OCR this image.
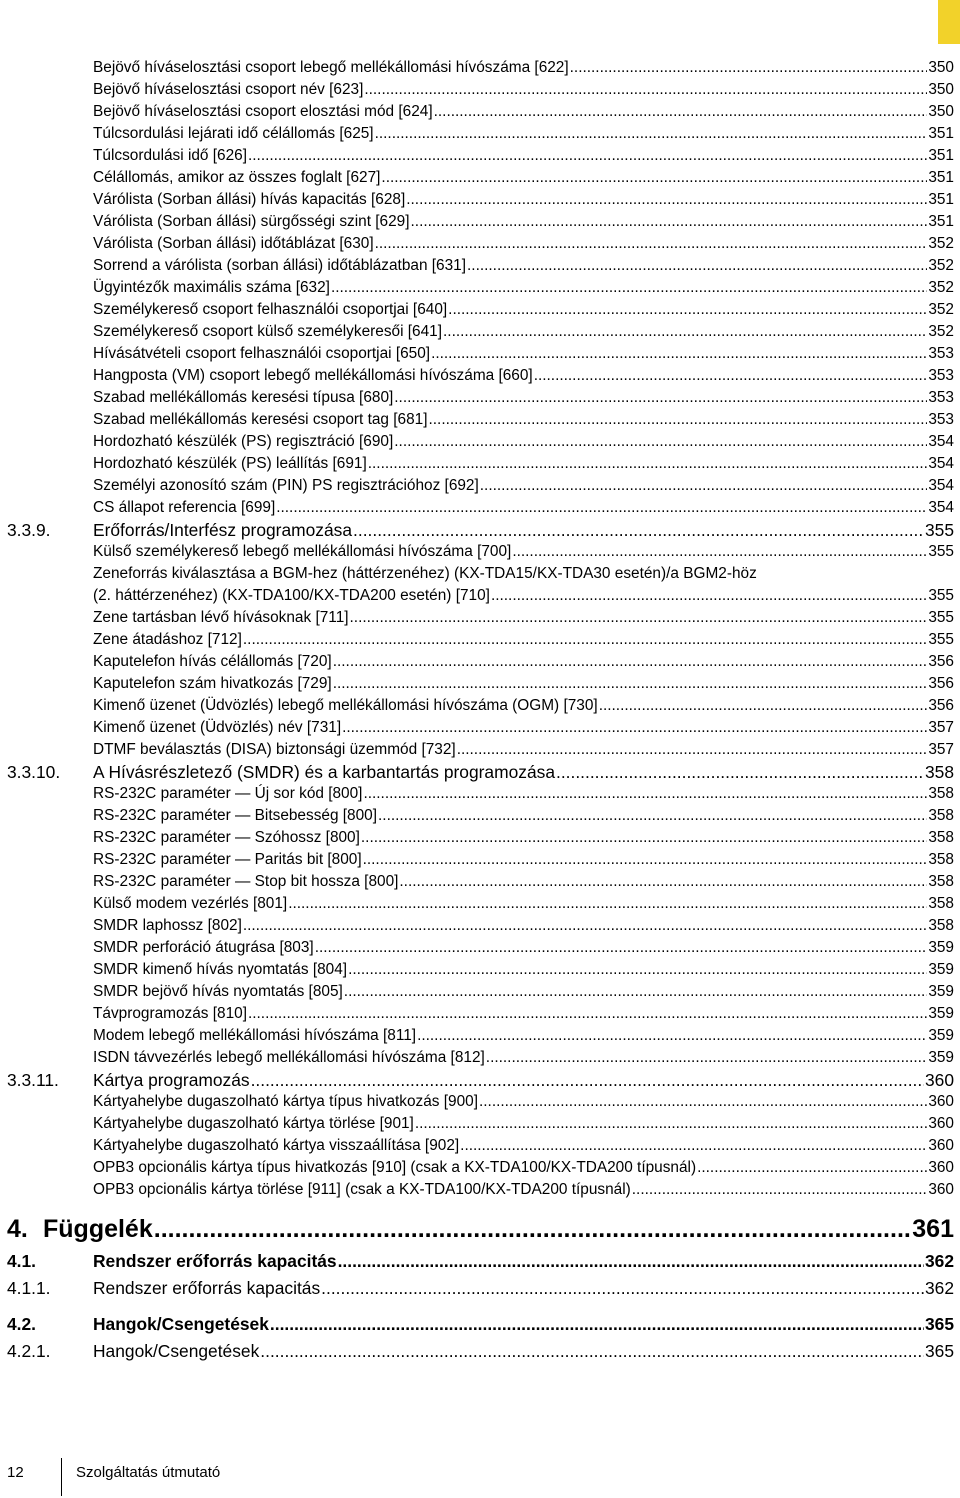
Bejövő híváselosztási csoport lebegő mellékállomási hívószáma [622] .....	350
Bejövő híváselosztási csoport név [623] .....	350
Bejövő híváselosztási csoport elosztási mód [624] .....	350
Túlcsordulási lejárati idő célállomás [625] .....	351
Túlcsordulási idő [626] .....	351
Célállomás, amikor az összes foglalt [627] .....	351
Várólista (Sorban állási) hívás kapacitás [628] .....	351
Várólista (Sorban állási) sürgősségi szint [629] .....	351
Várólista (Sorban állási) időtáblázat [630] .....	352
Sorrend a várólista (sorban állási) időtáblázatban [631] .....	352
Ügyintézők maximális száma [632] .....	352
Személykereső csoport felhasználói csoportjai [640] .....	352
Személykereső csoport külső személykeresői [641] .....	352
Hívásátvételi csoport felhasználói csoportjai [650] .....	353
Hangposta (VM) csoport lebegő mellékállomási hívószáma [660] .....	353
Szabad mellékállomás keresési típusa [680] .....	353
Szabad mellékállomás keresési csoport tag [681] .....	353
Hordozható készülék (PS) regisztráció [690] .....	354
Hordozható készülék (PS) leállítás [691] .....	354
Személyi azonosító szám (PIN) PS regisztrációhoz [692] .....	354
CS állapot referencia [699] .....	354
3.3.9.	Erőforrás/Interfész programozása .....	355
Külső személykereső lebegő mellékállomási hívószáma [700] .....	355
Zeneforrás kiválasztása a BGM-hez (háttérzenéhez) (KX-TDA15/KX-TDA30 esetén)/a BGM2-höz
(2. háttérzenéhez) (KX-TDA100/KX-TDA200 esetén) [710] .....	355
Zene tartásban lévő hívásoknak [711] .....	355
Zene átadáshoz [712] .....	355
Kaputelefon hívás célállomás [720] .....	356
Kaputelefon szám hivatkozás [729] .....	356
Kimenő üzenet (Üdvözlés) lebegő mellékállomási hívószáma (OGM) [730] .....	356
Kimenő üzenet (Üdvözlés) név [731] .....	357
DTMF beválasztás (DISA) biztonsági üzemmód [732] .....	357
3.3.10.	A Hívásrészletező (SMDR) és a karbantartás programozása .....	358
RS-232C paraméter — Új sor kód [800] .....	358
RS-232C paraméter — Bitsebesség [800] .....	358
RS-232C paraméter — Szóhossz [800] .....	358
RS-232C paraméter — Paritás bit [800] .....	358
RS-232C paraméter — Stop bit hossza [800] .....	358
Külső modem vezérlés [801] .....	358
SMDR laphossz [802] .....	358
SMDR perforáció átugrása [803] .....	359
SMDR kimenő hívás nyomtatás [804] .....	359
SMDR bejövő hívás nyomtatás [805] .....	359
Távprogramozás [810] .....	359
Modem lebegő mellékállomási hívószáma [811] .....	359
ISDN távvezérlés lebegő mellékállomási hívószáma [812] .....	359
3.3.11.	Kártya programozás .....	360
Kártyahelybe dugaszolható kártya típus hivatkozás [900] .....	360
Kártyahelybe dugaszolható kártya törlése [901] .....	360
Kártyahelybe dugaszolható kártya visszaállítása [902] .....	360
OPB3 opcionális kártya típus hivatkozás [910] (csak a KX-TDA100/KX-TDA200 típusnál) .....	360
OPB3 opcionális kártya törlése [911] (csak a KX-TDA100/KX-TDA200 típusnál) .....	360
4. Függelék .....	361
4.1.	Rendszer erőforrás kapacitás .....	362
4.1.1.	Rendszer erőforrás kapacitás .....	362
4.2.	Hangok/Csengetések .....	365
4.2.1.	Hangok/Csengetések .....	365
12	Szolgáltatás útmutató
